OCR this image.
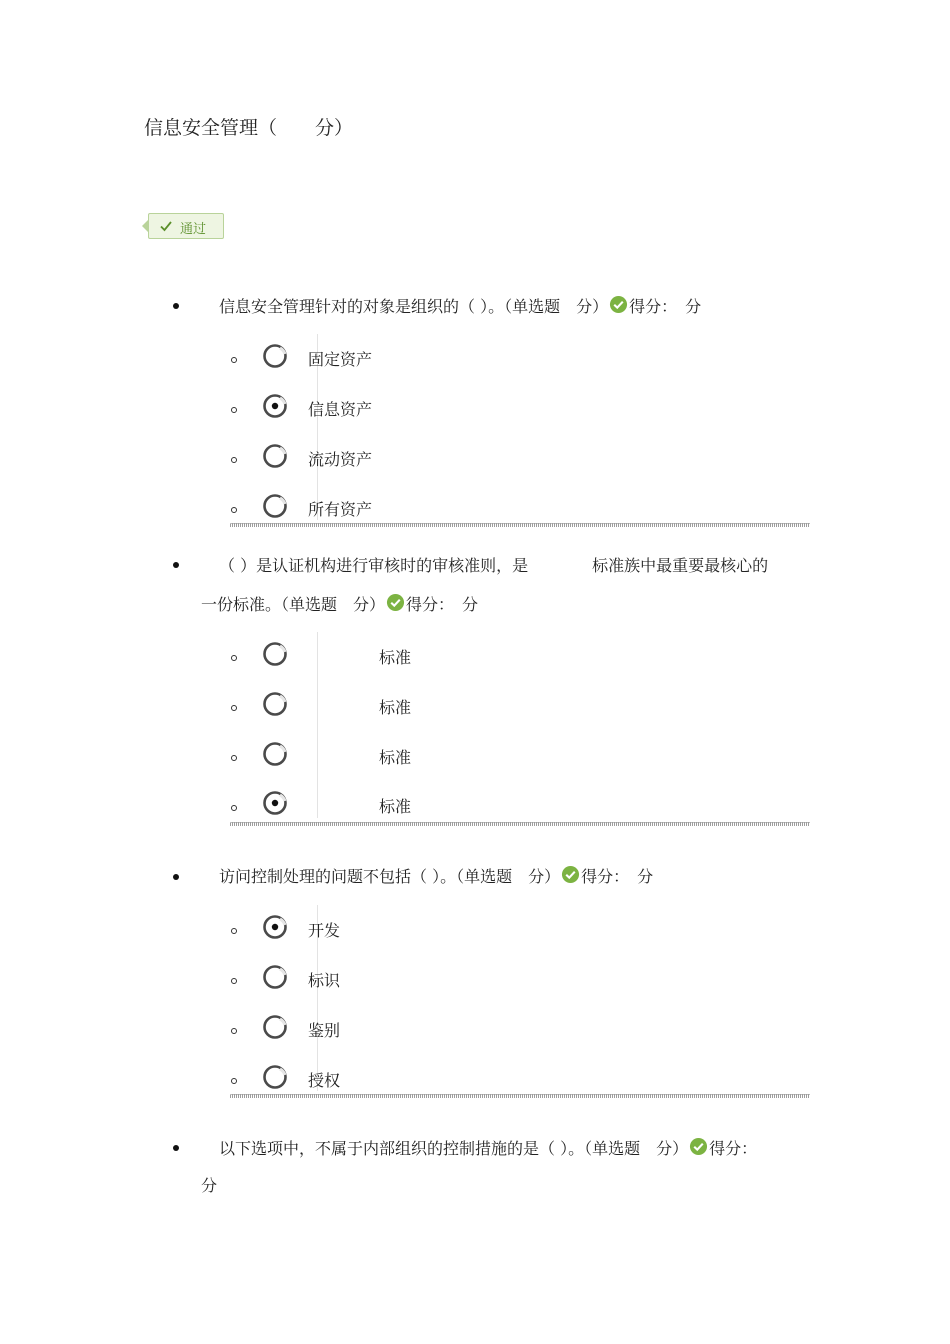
信息安全管理（　　分）
通过
信息安全管理针对的对象是组织的（ ）。（单选题　分） 得分：　分
固定资产
信息资产
流动资产
所有资产
（ ）是认证机构进行审核时的审核准则，是　　　　标准族中最重要最核心的
一份标准。（单选题　分） 得分：　分
标准
标准
标准
标准
访问控制处理的问题不包括（ ）。（单选题　分） 得分：　分
开发
标识
鉴别
授权
以下选项中，不属于内部组织的控制措施的是（ ）。（单选题　分） 得分：
分
